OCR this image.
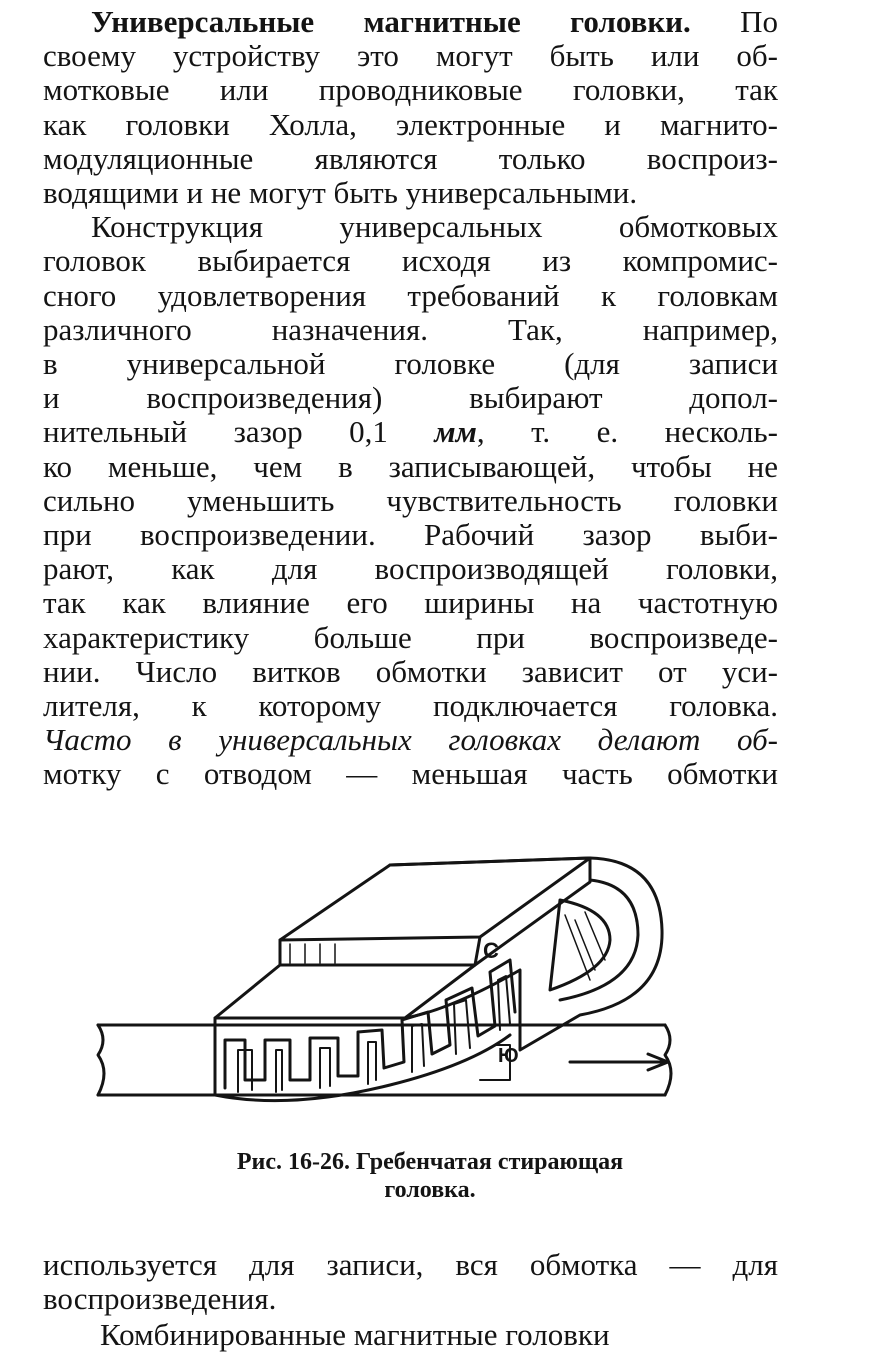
Универсальные магнитные головки. По
своему устройству это могут быть или об-
мотковые или проводниковые головки, так
как головки Холла, электронные и магнито-
модуляционные являются только воспроиз-
водящими и не могут быть универсальными.
Конструкция универсальных обмотковых
головок выбирается исходя из компромис-
сного удовлетворения требований к головкам
различного назначения. Так, например,
в универсальной головке (для записи
и воспроизведения) выбирают допол-
нительный зазор 0,1 мм, т. е. несколь-
ко меньше, чем в записывающей, чтобы не
сильно уменьшить чувствительность головки
при воспроизведении. Рабочий зазор выби-
рают, как для воспроизводящей головки,
так как влияние его ширины на частотную
характеристику больше при воспроизведе-
нии. Число витков обмотки зависит от уси-
лителя, к которому подключается головка.
Часто в универсальных головках делают об-
мотку с отводом — меньшая часть обмотки
С
Ю
Рис. 16-26. Гребенчатая стирающая
головка.
используется для записи, вся обмотка — для
воспроизведения.
Комбинированные магнитные головки
